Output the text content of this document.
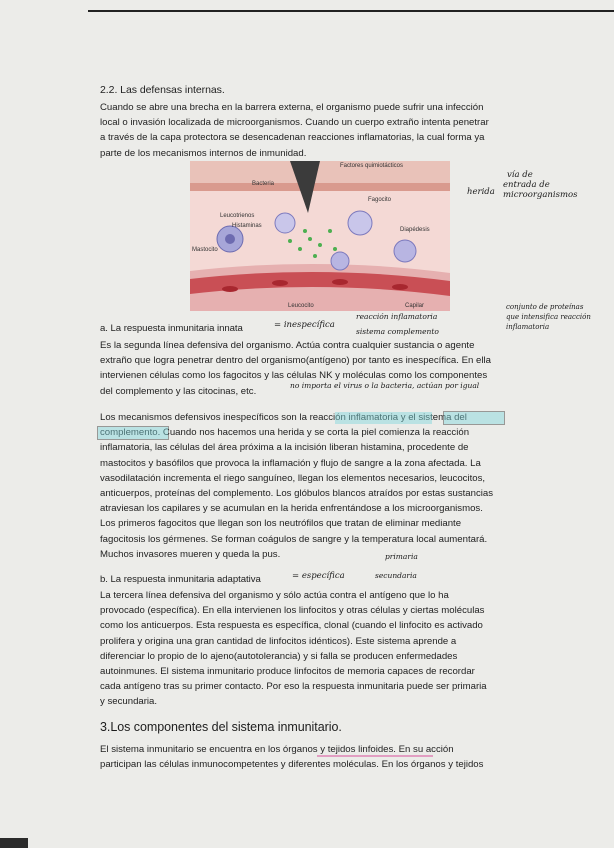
2.2. Las defensas internas.

Cuando se abre una brecha en la barrera externa, el organismo puede sufrir una infección

local o invasión localizada de microorganismos. Cuando un cuerpo extraño intenta penetrar

a través de la capa protectora se desencadenan reacciones inflamatorias, la cual forma ya

parte de los mecanismos internos de inmunidad.

Factores quimiotácticos
Bacteria
Fagocito
Leucotrienos
Histaminas
Diapédesis
Mastocito
Leucocito	Capilar
herida
vía de
entrada de
microorganismos
a. La respuesta inmunitaria innata	= inespecífica
reacción inflamatoria
sistema complemento
conjunto de proteínas
que intensifica reacción
inflamatoria

Es la segunda línea defensiva del organismo. Actúa contra cualquier sustancia o agente

extraño que logra penetrar dentro del organismo(antígeno) por tanto es inespecífica. En ella

intervienen células como los fagocitos y las células NK y moléculas como los componentes

del complemento y las citocinas, etc.

no importa el virus o la bacteria, actúan por igual

Los mecanismos defensivos inespecíficos son la reacción inflamatoria y el sistema del

complemento. Cuando nos hacemos una herida y se corta la piel comienza la reacción

inflamatoria, las células del área próxima a la incisión liberan histamina, procedente de

mastocitos y basófilos que provoca la inflamación y flujo de sangre a la zona afectada. La

vasodilatación incrementa el riego sanguíneo, llegan los elementos necesarios, leucocitos,

anticuerpos, proteínas del complemento. Los glóbulos blancos atraídos por estas sustancias

atraviesan los capilares y se acumulan en la herida enfrentándose a los microorganismos.

Los primeros fagocitos que llegan son los neutrófilos que tratan de eliminar mediante

fagocitosis los gérmenes. Se forman coágulos de sangre y la temperatura local aumentará.

Muchos invasores mueren y queda la pus.

b. La respuesta inmunitaria adaptativa	= específica
primaria
secundaria

La tercera línea defensiva del organismo y sólo actúa contra el antígeno que lo ha

provocado (específica). En ella intervienen los linfocitos y otras células y ciertas moléculas

como los anticuerpos. Esta respuesta es específica, clonal (cuando el linfocito es activado

prolifera y origina una gran cantidad de linfocitos idénticos). Este sistema aprende a

diferenciar lo propio de lo ajeno(autotolerancia) y si falla se producen enfermedades

autoinmunes. El sistema inmunitario produce linfocitos de memoria capaces de recordar

cada antígeno tras su primer contacto. Por eso la respuesta inmunitaria puede ser primaria

y secundaria.

3.Los componentes del sistema inmunitario.

El sistema inmunitario se encuentra en los órganos y tejidos linfoides. En su acción

participan las células inmunocompetentes y diferentes moléculas. En los órganos y tejidos
